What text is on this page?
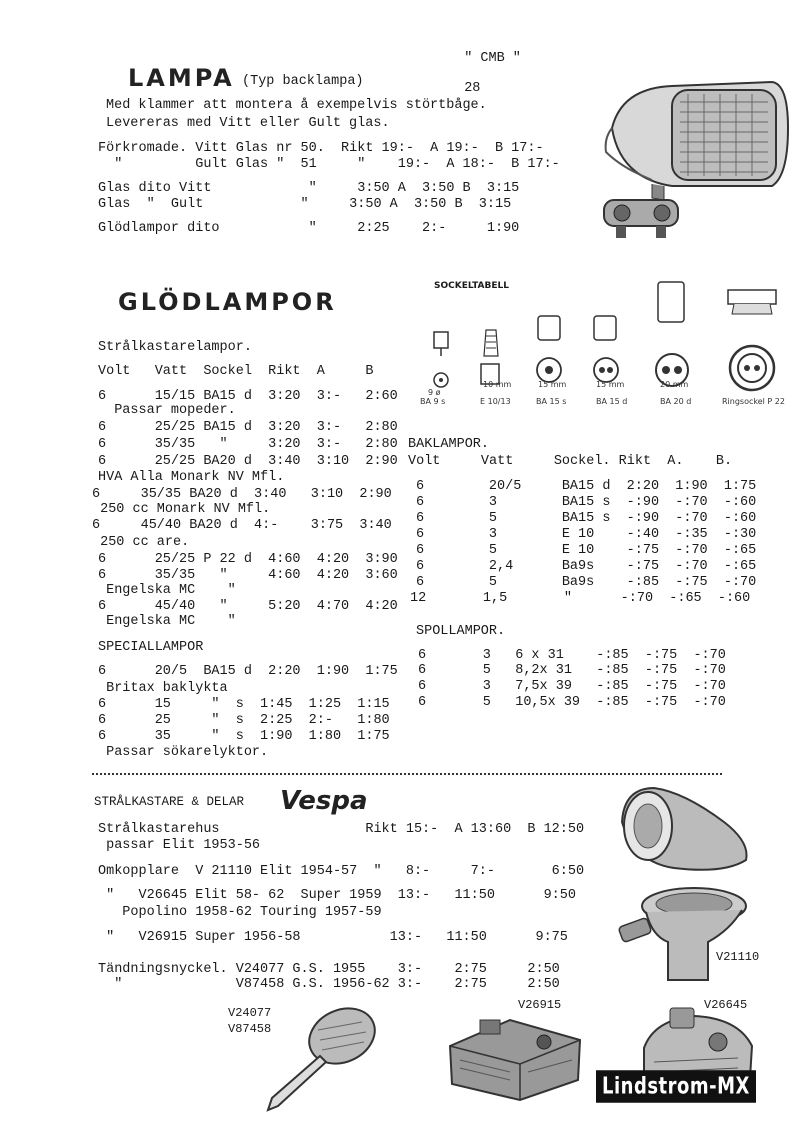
" CMB "

28

LAMPA (Typ backlampa)
Med klammer att montera å exempelvis störtbåge.
Levereras med Vitt eller Gult glas.
Förkromade. Vitt Glas nr 50.  Rikt 19:-  A 19:-  B 17:-
"         Gult Glas "  51     "    19:-  A 18:-  B 17:-
Glas dito Vitt            "     3:50 A  3:50 B  3:15
Glas  "  Gult            "     3:50 A  3:50 B  3:15
Glödlampor dito           "     2:25    2:-     1:90
GLÖDLAMPOR
Strålkastarelampor.
Volt   Vatt  Sockel  Rikt  A     B
6      15/15 BA15 d  3:20  3:-   2:60
Passar mopeder.
6      25/25 BA15 d  3:20  3:-   2:80
6      35/35   "     3:20  3:-   2:80
6      25/25 BA20 d  3:40  3:10  2:90
HVA Alla Monark NV Mfl.
6     35/35 BA20 d  3:40   3:10  2:90
250 cc Monark NV Mfl.
6     45/40 BA20 d  4:-    3:75  3:40
250 cc are.
6      25/25 P 22 d  4:60  4:20  3:90
6      35/35   "     4:60  4:20  3:60
Engelska MC    "
6      45/40   "     5:20  4:70  4:20
Engelska MC    "
SPECIALLAMPOR
6      20/5  BA15 d  2:20  1:90  1:75
Britax baklykta
6      15     "  s  1:45  1:25  1:15
6      25     "  s  2:25  2:-   1:80
6      35     "  s  1:90  1:80  1:75
Passar sökarelyktor.
SOCKELTABELL
9 ø
10 mm	15 mm	15 mm	20 mm
BA 9 s	E 10/13	BA 15 s	BA 15 d	BA 20 d	Ringsockel P 22
BAKLAMPOR.
Volt     Vatt     Sockel. Rikt  A.    B.
6        20/5     BA15 d  2:20  1:90  1:75
6        3        BA15 s  -:90  -:70  -:60
6        5        BA15 s  -:90  -:70  -:60
6        3        E 10    -:40  -:35  -:30
6        5        E 10    -:75  -:70  -:65
6        2,4      Ba9s    -:75  -:70  -:65
6        5        Ba9s    -:85  -:75  -:70
12       1,5       "      -:70  -:65  -:60
SPOLLAMPOR.
6       3   6 x 31    -:85  -:75  -:70
6       5   8,2x 31   -:85  -:75  -:70
6       3   7,5x 39   -:85  -:75  -:70
6       5   10,5x 39  -:85  -:75  -:70
STRÅLKASTARE & DELAR Vespa
Strålkastarehus                  Rikt 15:-  A 13:60  B 12:50
passar Elit 1953-56
Omkopplare  V 21110 Elit 1954-57  "   8:-     7:-       6:50
"   V26645 Elit 58- 62  Super 1959  13:-   11:50      9:50
Popolino 1958-62 Touring 1957-59
"   V26915 Super 1956-58           13:-   11:50      9:75
Tändningsnyckel. V24077 G.S. 1955    3:-    2:75     2:50
"              V87458 G.S. 1956-62 3:-    2:75     2:50
V21110
V24077
V87458
V26915	V26645
Lindstrom-MX
